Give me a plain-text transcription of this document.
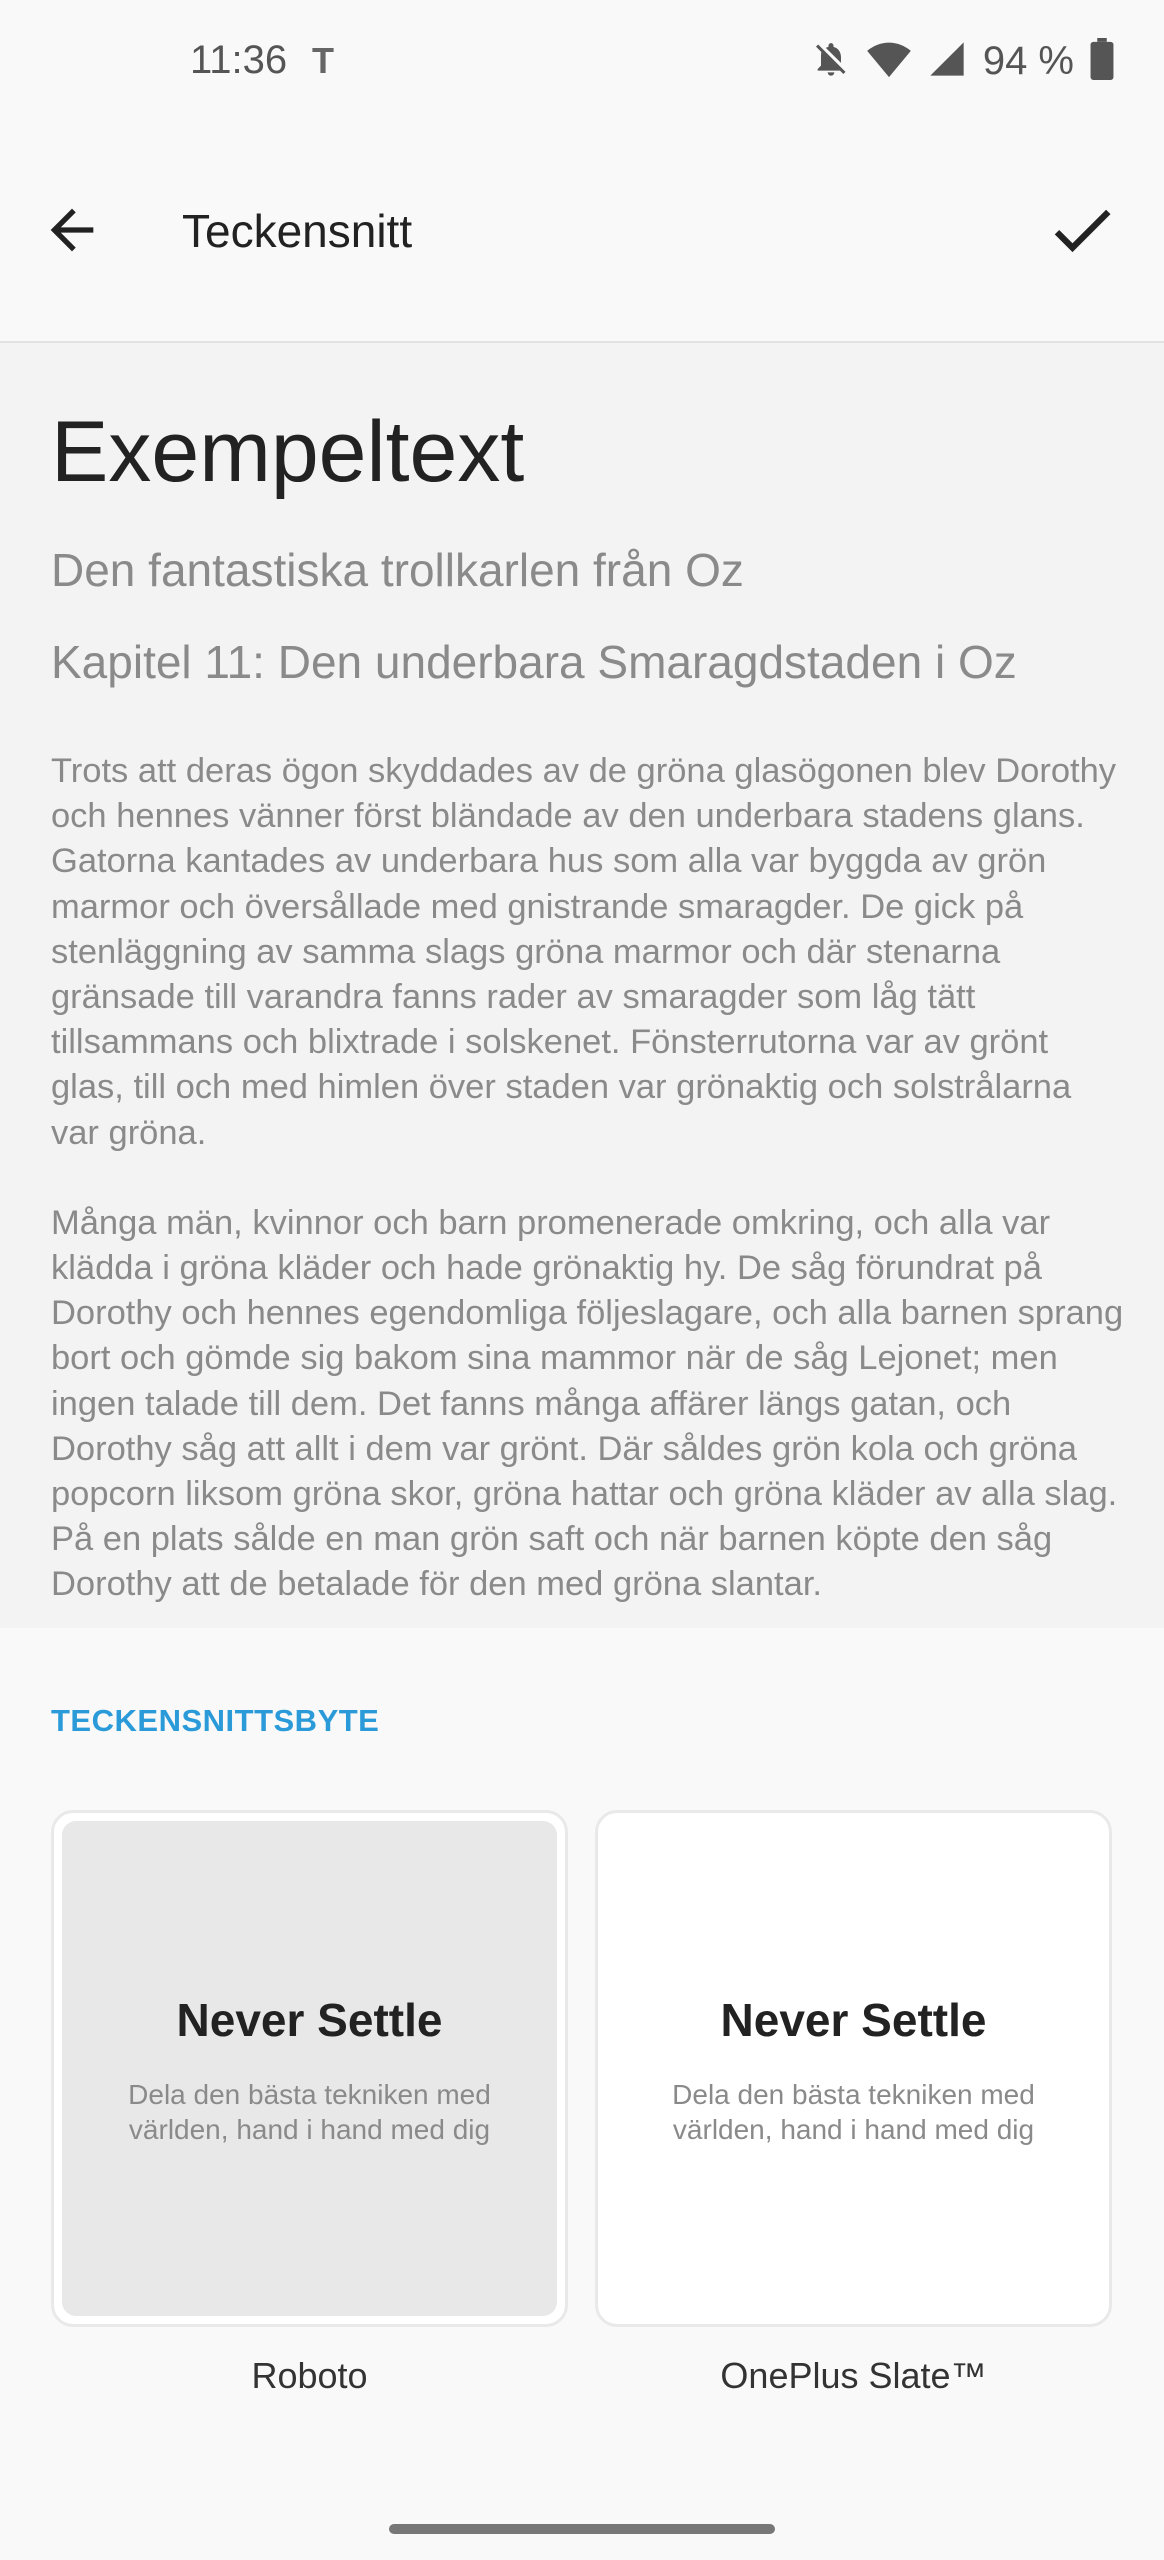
11:36 T	94 %
Teckensnitt
Exempeltext
Den fantastiska trollkarlen från Oz
Kapitel 11: Den underbara Smaragdstaden i Oz

Trots att deras ögon skyddades av de gröna glasögonen blev Dorothy och hennes vänner först bländade av den underbara stadens glans. Gatorna kantades av underbara hus som alla var byggda av grön marmor och översållade med gnistrande smaragder. De gick på stenläggning av samma slags gröna marmor och där stenarna gränsade till varandra fanns rader av smaragder som låg tätt tillsammans och blixtrade i solskenet. Fönsterrutorna var av grönt glas, till och med himlen över staden var grönaktig och solstrålarna var gröna.

Många män, kvinnor och barn promenerade omkring, och alla var klädda i gröna kläder och hade grönaktig hy. De såg förundrat på Dorothy och hennes egendomliga följeslagare, och alla barnen sprang bort och gömde sig bakom sina mammor när de såg Lejonet; men ingen talade till dem. Det fanns många affärer längs gatan, och Dorothy såg att allt i dem var grönt. Där såldes grön kola och gröna popcorn liksom gröna skor, gröna hattar och gröna kläder av alla slag. På en plats sålde en man grön saft och när barnen köpte den såg Dorothy att de betalade för den med gröna slantar.

TECKENSNITTSBYTE
Never Settle
Dela den bästa tekniken med världen, hand i hand med dig
Never Settle
Dela den bästa tekniken med världen, hand i hand med dig
Roboto	OnePlus Slate™
